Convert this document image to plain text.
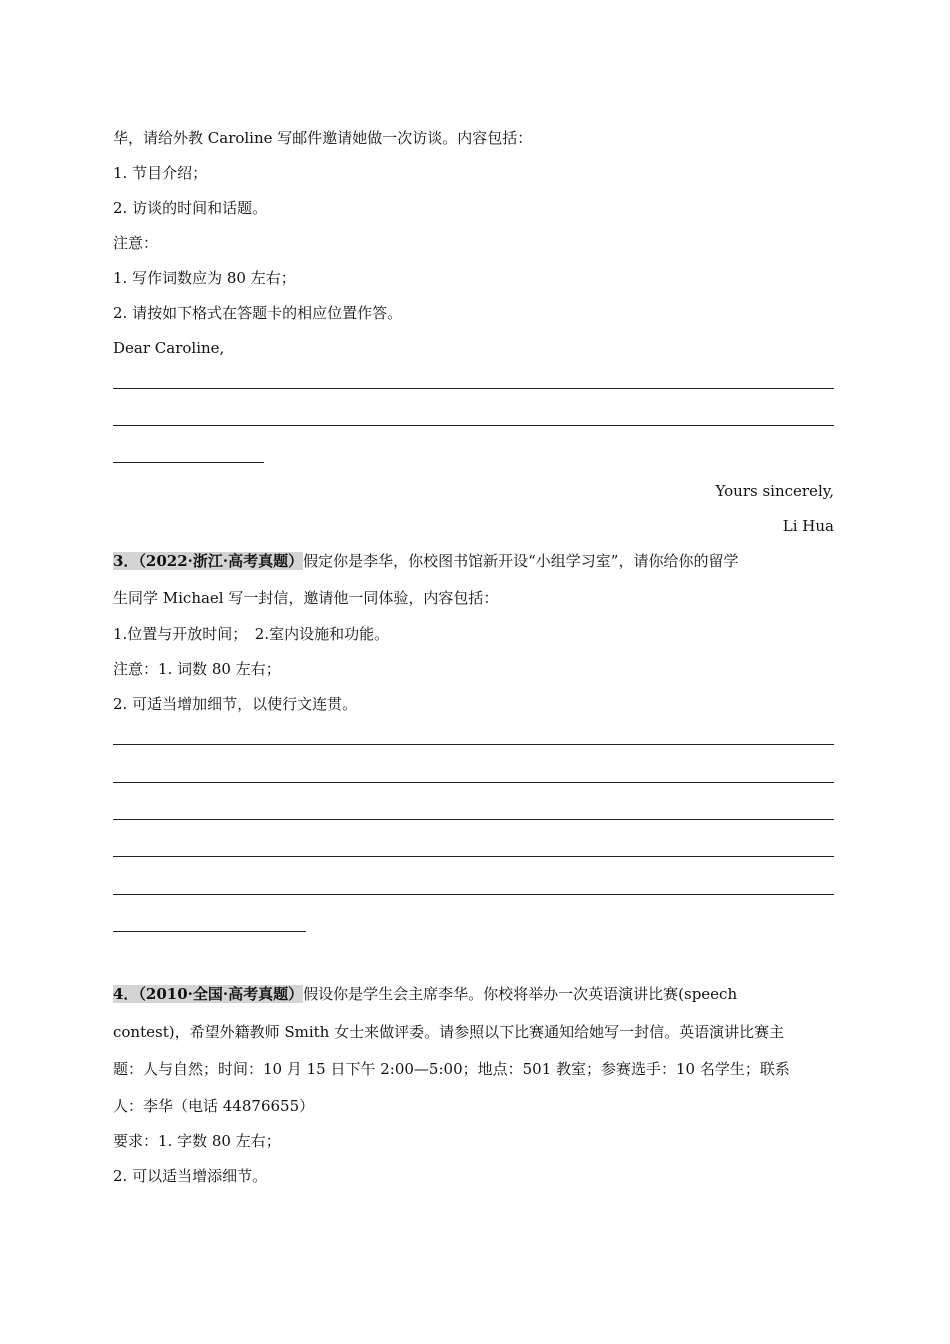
华，请给外教 Caroline 写邮件邀请她做一次访谈。内容包括：
1. 节目介绍；
2. 访谈的时间和话题。
注意：
1. 写作词数应为 80 左右；
2. 请按如下格式在答题卡的相应位置作答。
Dear Caroline,
Yours sincerely,
Li Hua
3．（2022·浙江·高考真题）假定你是李华，你校图书馆新开设“小组学习室”，请你给你的留学
生同学 Michael 写一封信，邀请他一同体验，内容包括：
1.位置与开放时间；　2.室内设施和功能。
注意：1. 词数 80 左右；
2. 可适当增加细节，以使行文连贯。
4．（2010·全国·高考真题）假设你是学生会主席李华。你校将举办一次英语演讲比赛(speech
contest)，希望外籍教师 Smith 女士来做评委。请参照以下比赛通知给她写一封信。英语演讲比赛主
题：人与自然；时间：10 月 15 日下午 2:00—5:00；地点：501 教室；参赛选手：10 名学生；联系
人：李华（电话 44876655）
要求：1. 字数 80 左右；
2. 可以适当增添细节。
